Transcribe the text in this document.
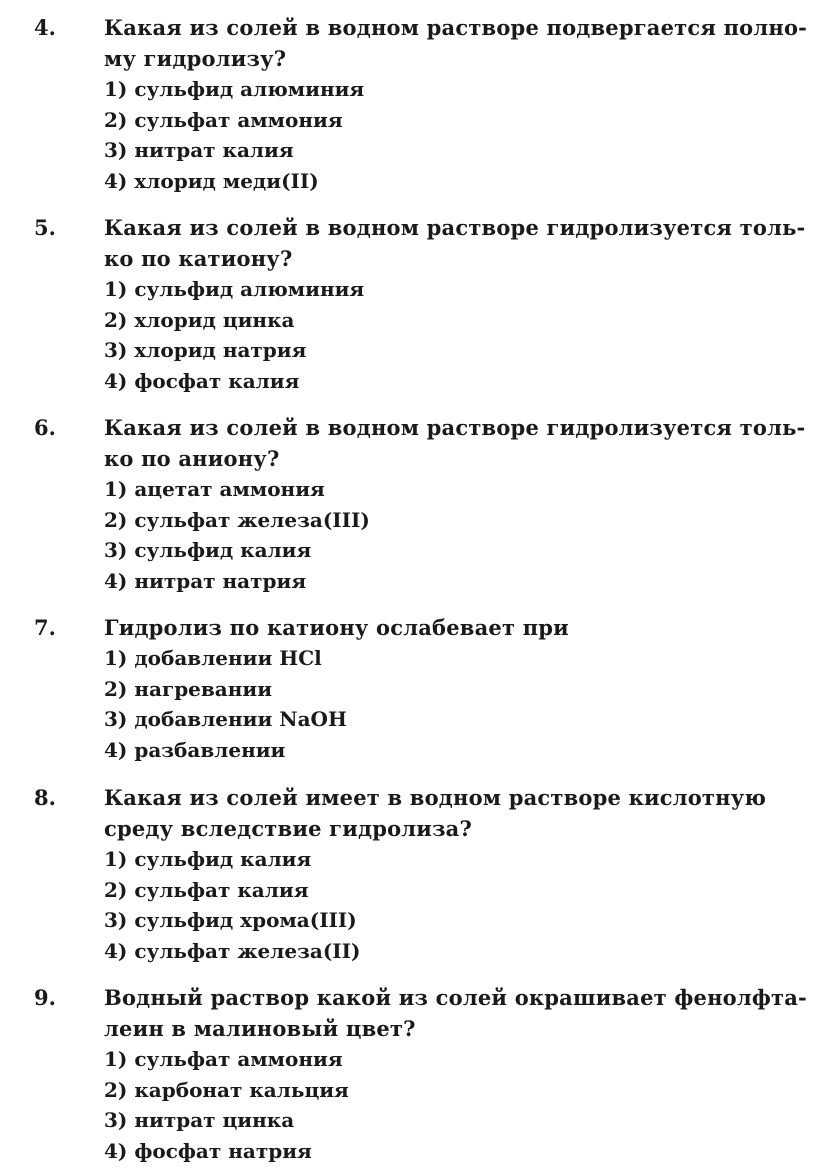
4. Какая из солей в водном растворе подвергается полно-
му гидролизу?

1) сульфид алюминия
2) сульфат аммония
3) нитрат калия
4) хлорид меди(II)
5. Какая из солей в водном растворе гидролизуется толь-
ко по катиону?

1) сульфид алюминия
2) хлорид цинка
3) хлорид натрия
4) фосфат калия
6. Какая из солей в водном растворе гидролизуется толь-
ко по аниону?

1) ацетат аммония
2) сульфат железа(III)
3) сульфид калия
4) нитрат натрия
7. Гидролиз по катиону ослабевает при

1) добавлении HCl
2) нагревании
3) добавлении NaOH
4) разбавлении
8. Какая из солей имеет в водном растворе кислотную
среду вследствие гидролиза?

1) сульфид калия
2) сульфат калия
3) сульфид хрома(III)
4) сульфат железа(II)
9. Водный раствор какой из солей окрашивает фенолфта-
леин в малиновый цвет?

1) сульфат аммония
2) карбонат кальция
3) нитрат цинка
4) фосфат натрия
